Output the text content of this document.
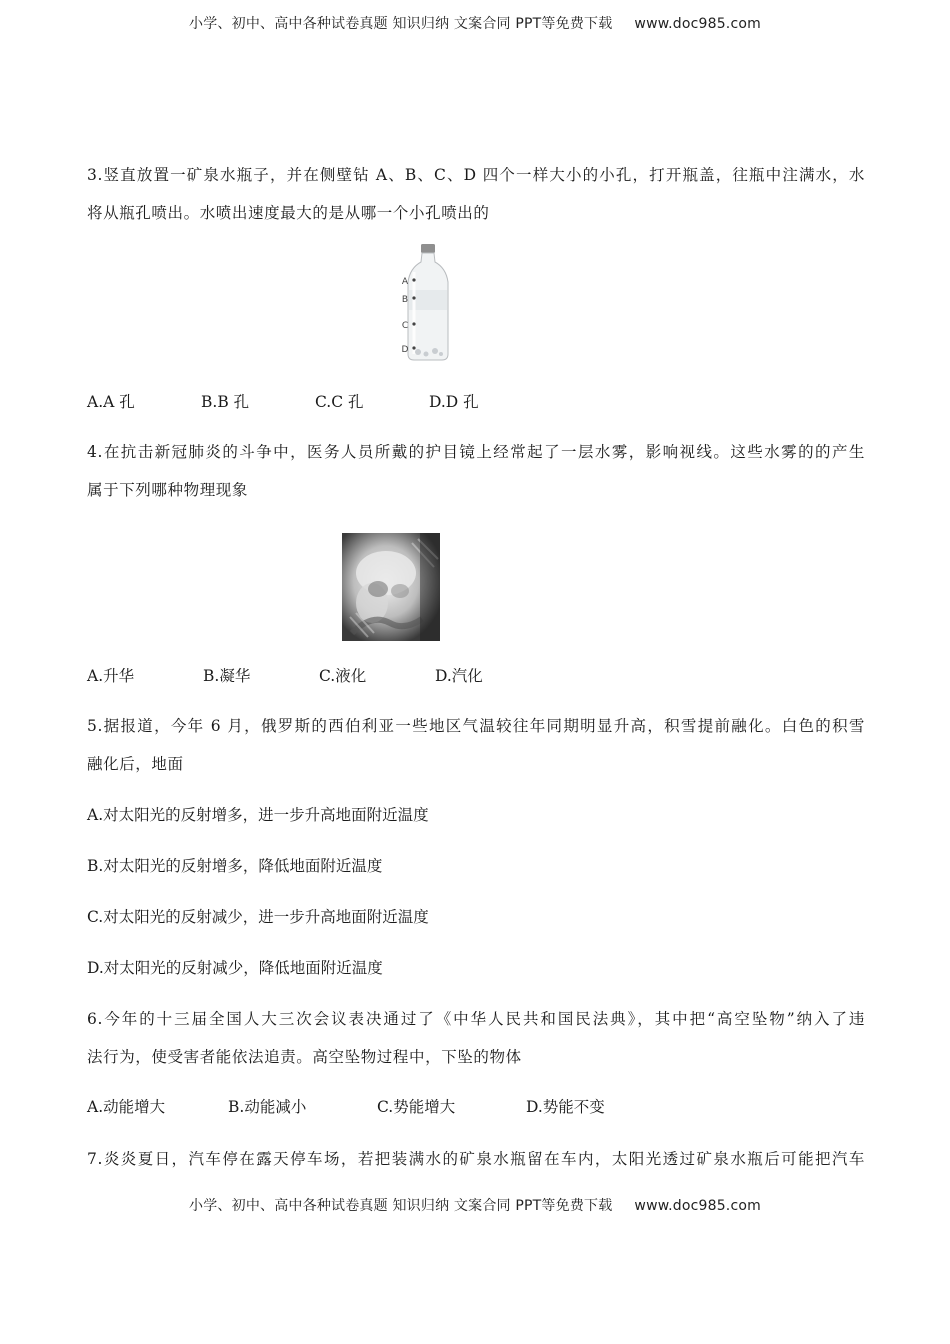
小学、初中、高中各种试卷真题 知识归纳 文案合同 PPT等免费下载 www.doc985.com
3.竖直放置一矿泉水瓶子，并在侧壁钻 A、B、C、D 四个一样大小的小孔，打开瓶盖，往瓶中注满水，水
将从瓶孔喷出。水喷出速度最大的是从哪一个小孔喷出的
A
B
C
D
A.A 孔	B.B 孔	C.C 孔	D.D 孔
4.在抗击新冠肺炎的斗争中，医务人员所戴的护目镜上经常起了一层水雾，影响视线。这些水雾的的产生
属于下列哪种物理现象
A.升华	B.凝华	C.液化	D.汽化
5.据报道，今年 6 月，俄罗斯的西伯利亚一些地区气温较往年同期明显升高，积雪提前融化。白色的积雪
融化后，地面
A.对太阳光的反射增多，进一步升高地面附近温度
B.对太阳光的反射增多，降低地面附近温度
C.对太阳光的反射减少，进一步升高地面附近温度
D.对太阳光的反射减少，降低地面附近温度
6.今年的十三届全国人大三次会议表决通过了《中华人民共和国民法典》，其中把“高空坠物”纳入了违
法行为，使受害者能依法追责。高空坠物过程中，下坠的物体
A.动能增大	B.动能减小	C.势能增大	D.势能不变
7.炎炎夏日，汽车停在露天停车场，若把装满水的矿泉水瓶留在车内，太阳光透过矿泉水瓶后可能把汽车
小学、初中、高中各种试卷真题 知识归纳 文案合同 PPT等免费下载 www.doc985.com
